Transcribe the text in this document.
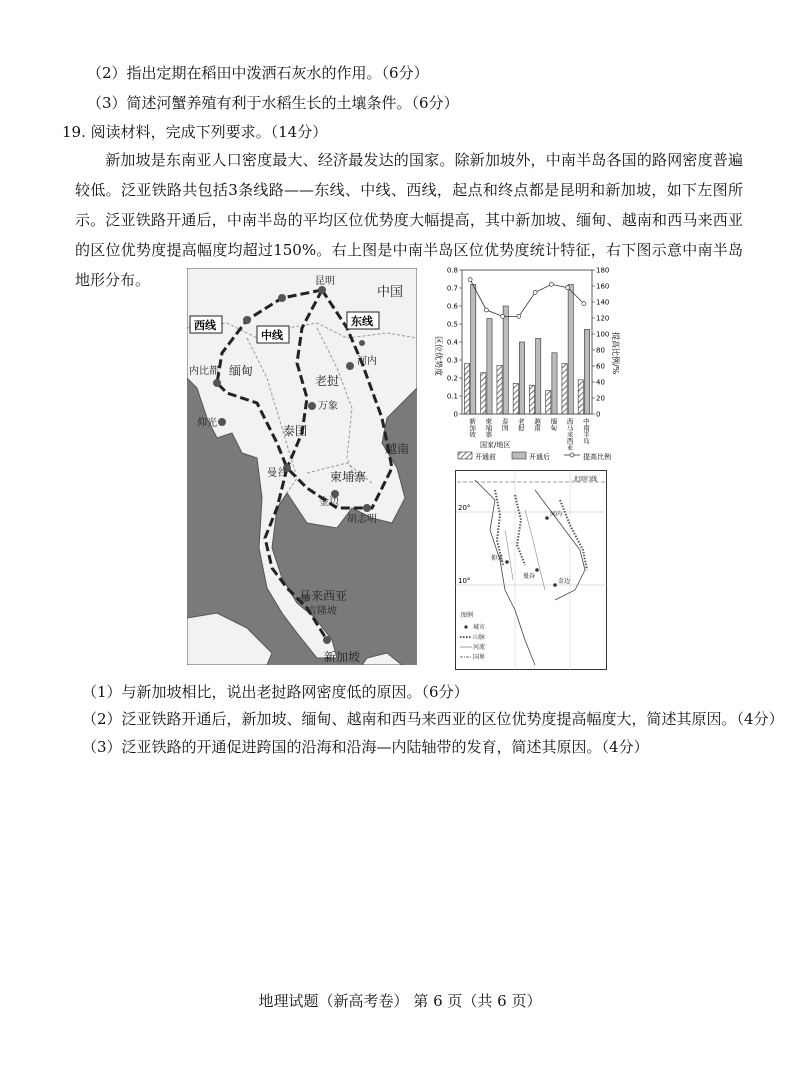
（2）指出定期在稻田中泼洒石灰水的作用。（6分）
（3）简述河蟹养殖有利于水稻生长的土壤条件。（6分）
19. 阅读材料，完成下列要求。（14分）
新加坡是东南亚人口密度最大、经济最发达的国家。除新加坡外，中南半岛各国的路网密度普遍较低。泛亚铁路共包括3条线路——东线、中线、西线，起点和终点都是昆明和新加坡，如下左图所示。泛亚铁路开通后，中南半岛的平均区位优势度大幅提高，其中新加坡、缅甸、越南和西马来西亚的区位优势度提高幅度均超过150%。右上图是中南半岛区位优势度统计特征，右下图示意中南半岛地形分布。
中国
昆明
缅甸
内比都
河内
老挝
万象
仰光
泰国
曼谷
越南
柬埔寨
金边
胡志明
马来西亚
吉隆坡
新加坡
西线
中线
东线
区位优势度	提高比例/%
国家/地区
开通前	开通后	提高比例
0
0.1
0.2
0.3
0.4
0.5
0.6
0.7
0.8
0
20
40
60
80
100
120
140
160
180
新加坡 柬埔寨 泰国 老挝 越南 缅甸 西马来西亚 中南半岛
20°
10°
北回归线
河内
仰光
曼谷
金边
图例
城市
山脉
河流
国界
（1）与新加坡相比，说出老挝路网密度低的原因。（6分）
（2）泛亚铁路开通后，新加坡、缅甸、越南和西马来西亚的区位优势度提高幅度大，简述其原因。（4分）
（3）泛亚铁路的开通促进跨国的沿海和沿海—内陆轴带的发育，简述其原因。（4分）
地理试题（新高考卷） 第 6 页（共 6 页）
